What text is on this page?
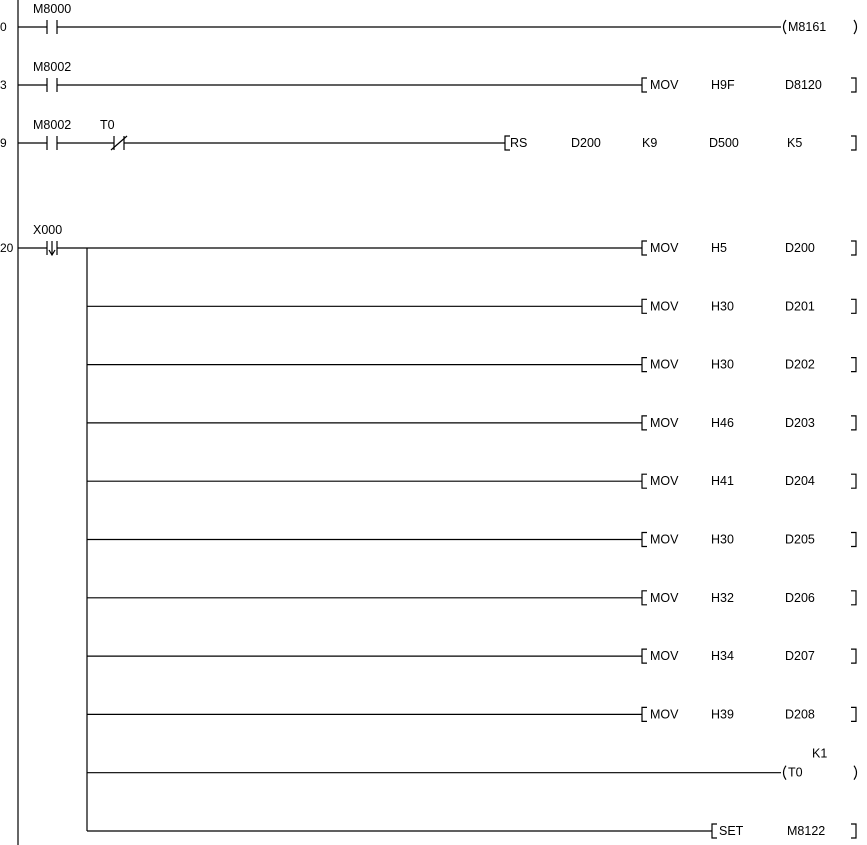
0
M8000
M8161
3
M8002
MOV	H9F	D8120
9
M8002 T0
RS	D200	K9	D500	K5
20
X000
MOV	H5	D200
MOV	H30	D201
MOV	H30	D202
MOV	H46	D203
MOV	H41	D204
MOV	H30	D205
MOV	H32	D206
MOV	H34	D207
MOV	H39	D208
T0
K1
SET	M8122
